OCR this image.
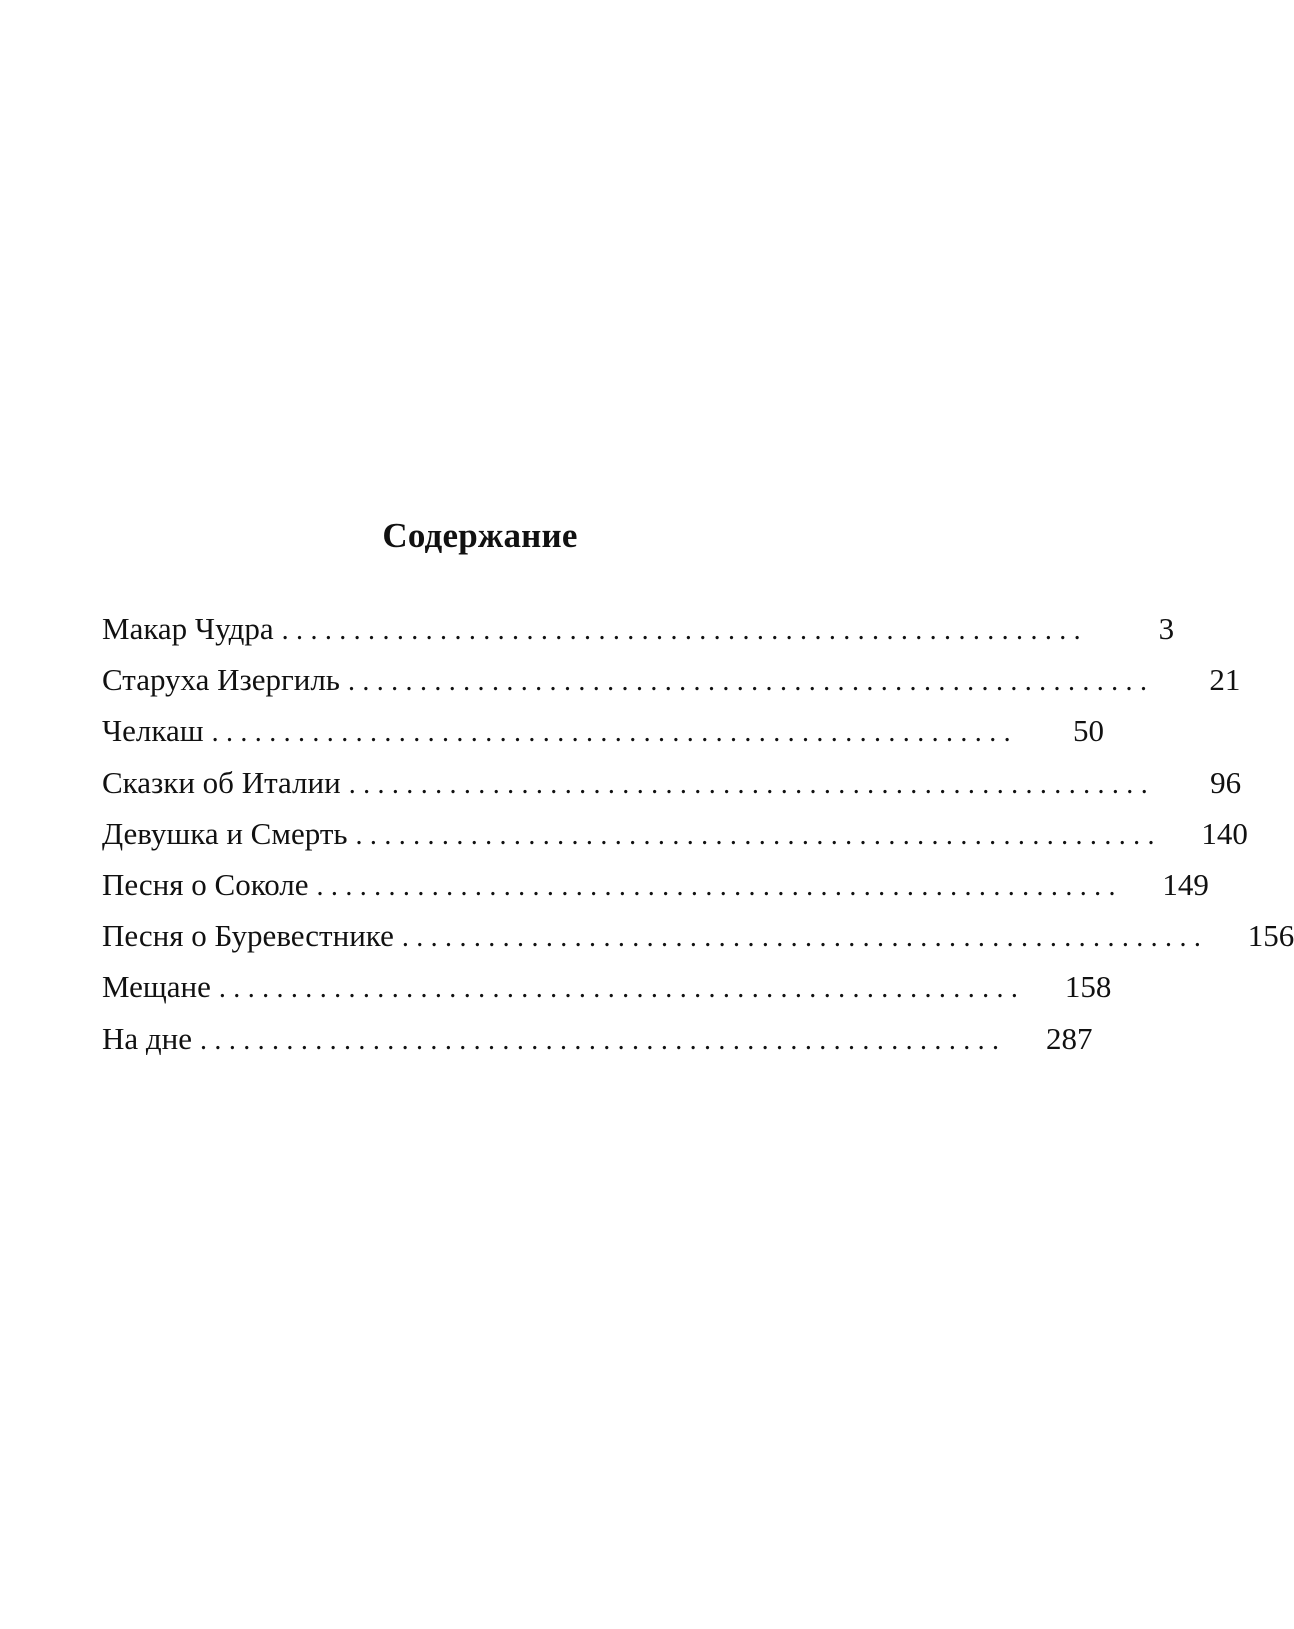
Содержание
Макар Чудра ........................................................	3
Старуха Изергиль ........................................................	21
Челкаш ........................................................	50
Сказки об Италии ........................................................	96
Девушка и Смерть ........................................................	140
Песня о Соколе ........................................................	149
Песня о Буревестнике ........................................................	156
Мещане ........................................................	158
На дне ........................................................	287
